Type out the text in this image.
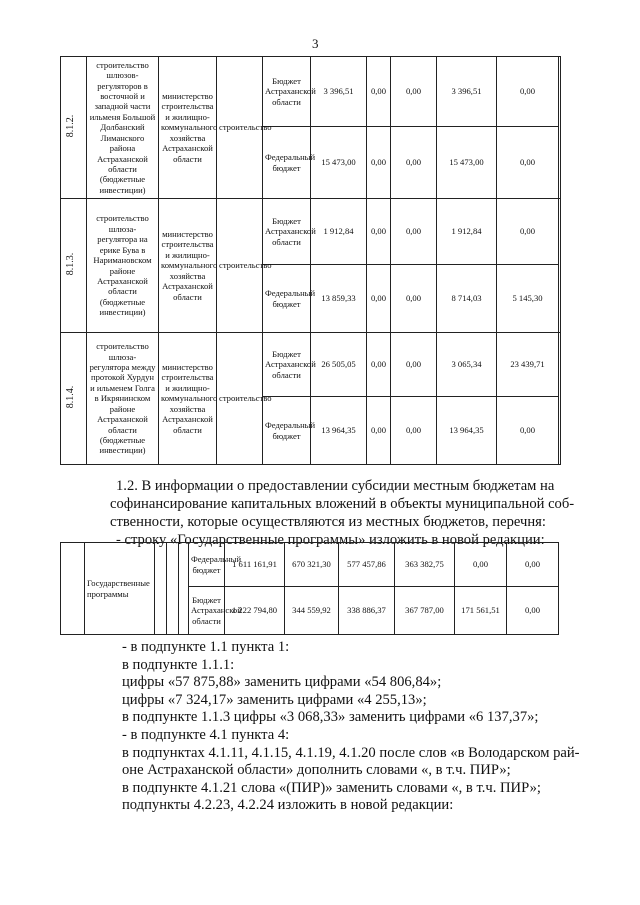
3
8.1.2.	строительство шлюзов-регуляторов в восточной и западной части ильменя Большой Долбанский Лиманского района Астраханской области (бюджетные инвестиции)	министерство строительства и жилищно-коммунального хозяйства Астраханской области	строительство	Бюджет Астраханской области	3 396,51	0,00	0,00	3 396,51	0,00	
				Федеральный бюджет	15 473,00	0,00	0,00	15 473,00	0,00	

8.1.3.	строительство шлюза-регулятора на ерике Бува в Наримановском районе Астраханской области (бюджетные инвестиции)	министерство строительства и жилищно-коммунального хозяйства Астраханской области	строительство	Бюджет Астраханской области	1 912,84	0,00	0,00	1 912,84	0,00	
				Федеральный бюджет	13 859,33	0,00	0,00	8 714,03	5 145,30	

8.1.4.	строительство шлюза-регулятора между протокой Хурдун и ильменем Голга в Икрянинском районе Астраханской области (бюджетные инвестиции)	министерство строительства и жилищно-коммунального хозяйства Астраханской области	строительство	Бюджет Астраханской области	26 505,05	0,00	0,00	3 065,34	23 439,71	
				Федеральный бюджет	13 964,35	0,00	0,00	13 964,35	0,00	
1.2. В информации о предоставлении субсидии местным бюджетам на
софинансирование капитальных вложений в объекты муниципальной соб-
ственности, которые осуществляются из местных бюджетов, перечня:
- строку «Государственные программы» изложить в новой редакции:
	Государственные программы				Федеральный бюджет	1 611 161,91	670 321,30	577 457,86	363 382,75	0,00	0,00
					Бюджет Астраханской области	1 222 794,80	344 559,92	338 886,37	367 787,00	171 561,51	0,00
- в подпункте 1.1 пункта 1:
в подпункте 1.1.1:
цифры «57 875,88» заменить цифрами «54 806,84»;
цифры «7 324,17» заменить цифрами «4 255,13»;
в подпункте 1.1.3 цифры «3 068,33» заменить цифрами «6 137,37»;
- в подпункте 4.1 пункта 4:
в подпунктах 4.1.11, 4.1.15, 4.1.19, 4.1.20 после слов «в Володарском рай-
оне Астраханской области» дополнить словами «, в т.ч. ПИР»;
в подпункте 4.1.21 слова «(ПИР)» заменить словами «, в т.ч. ПИР»;
подпункты 4.2.23, 4.2.24 изложить в новой редакции:
